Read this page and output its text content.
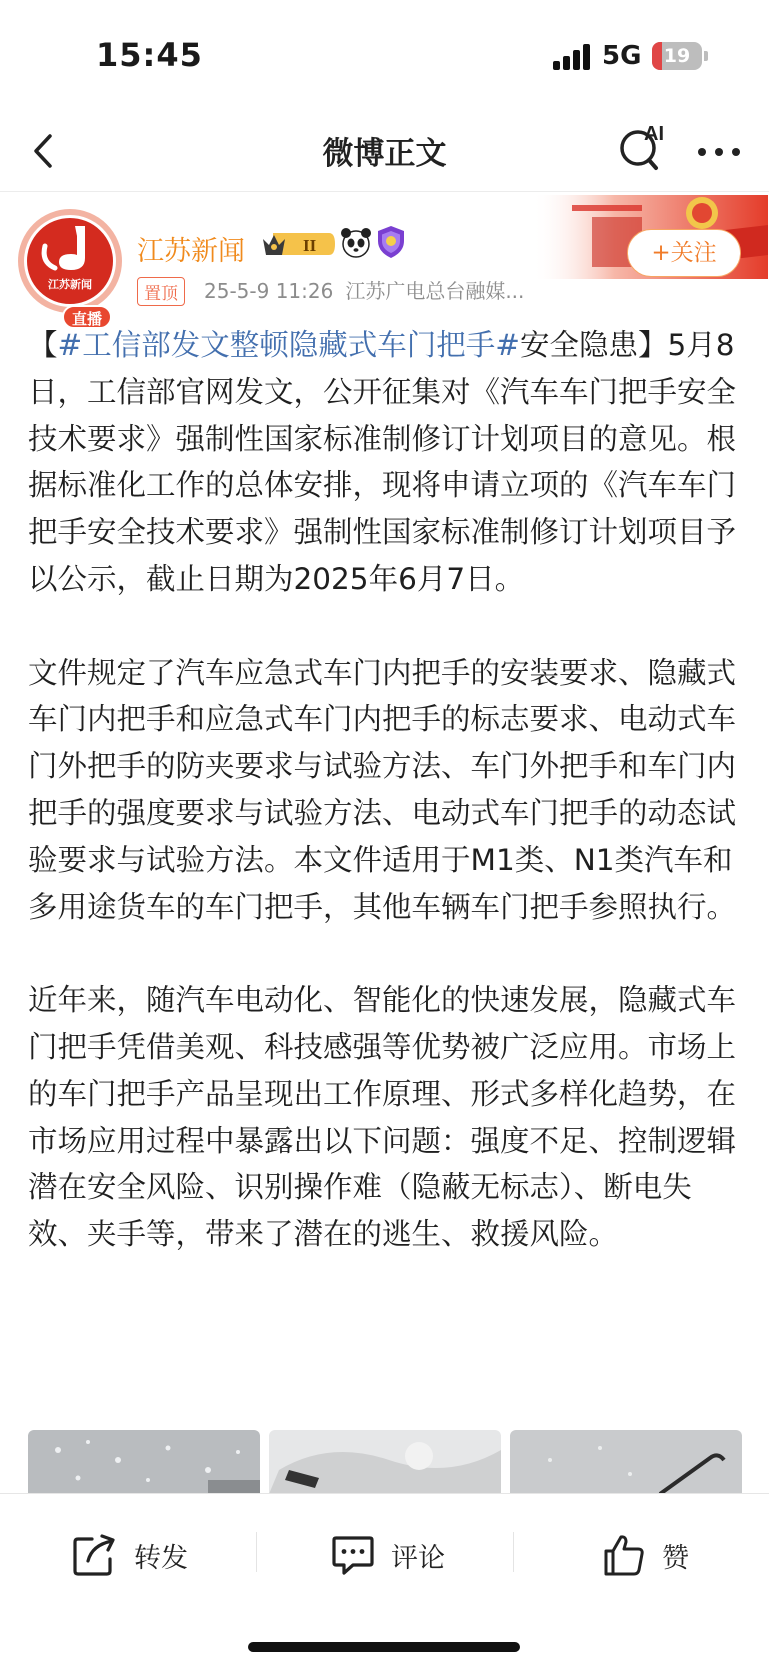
15:45	5G	19
微博正文
AI
江苏新闻
直播
江苏新闻	II
置顶	25-5-9 11:26 江苏广电总台融媒...
+关注

【#工信部发文整顿隐藏式车门把手#安全隐患】5月8日，工信部官网发文，公开征集对《汽车车门把手安全技术要求》强制性国家标准制修订计划项目的意见。根据标准化工作的总体安排，现将申请立项的《汽车车门把手安全技术要求》强制性国家标准制修订计划项目予以公示，截止日期为2025年6月7日。

文件规定了汽车应急式车门内把手的安装要求、隐藏式车门内把手和应急式车门内把手的标志要求、电动式车门外把手的防夹要求与试验方法、车门外把手和车门内把手的强度要求与试验方法、电动式车门把手的动态试验要求与试验方法。本文件适用于M1类、N1类汽车和多用途货车的车门把手，其他车辆车门把手参照执行。

近年来，随汽车电动化、智能化的快速发展，隐藏式车门把手凭借美观、科技感强等优势被广泛应用。市场上的车门把手产品呈现出工作原理、形式多样化趋势，在市场应用过程中暴露出以下问题：强度不足、控制逻辑潜在安全风险、识别操作难（隐蔽无标志）、断电失效、夹手等，带来了潜在的逃生、救援风险。

转发	评论	赞
